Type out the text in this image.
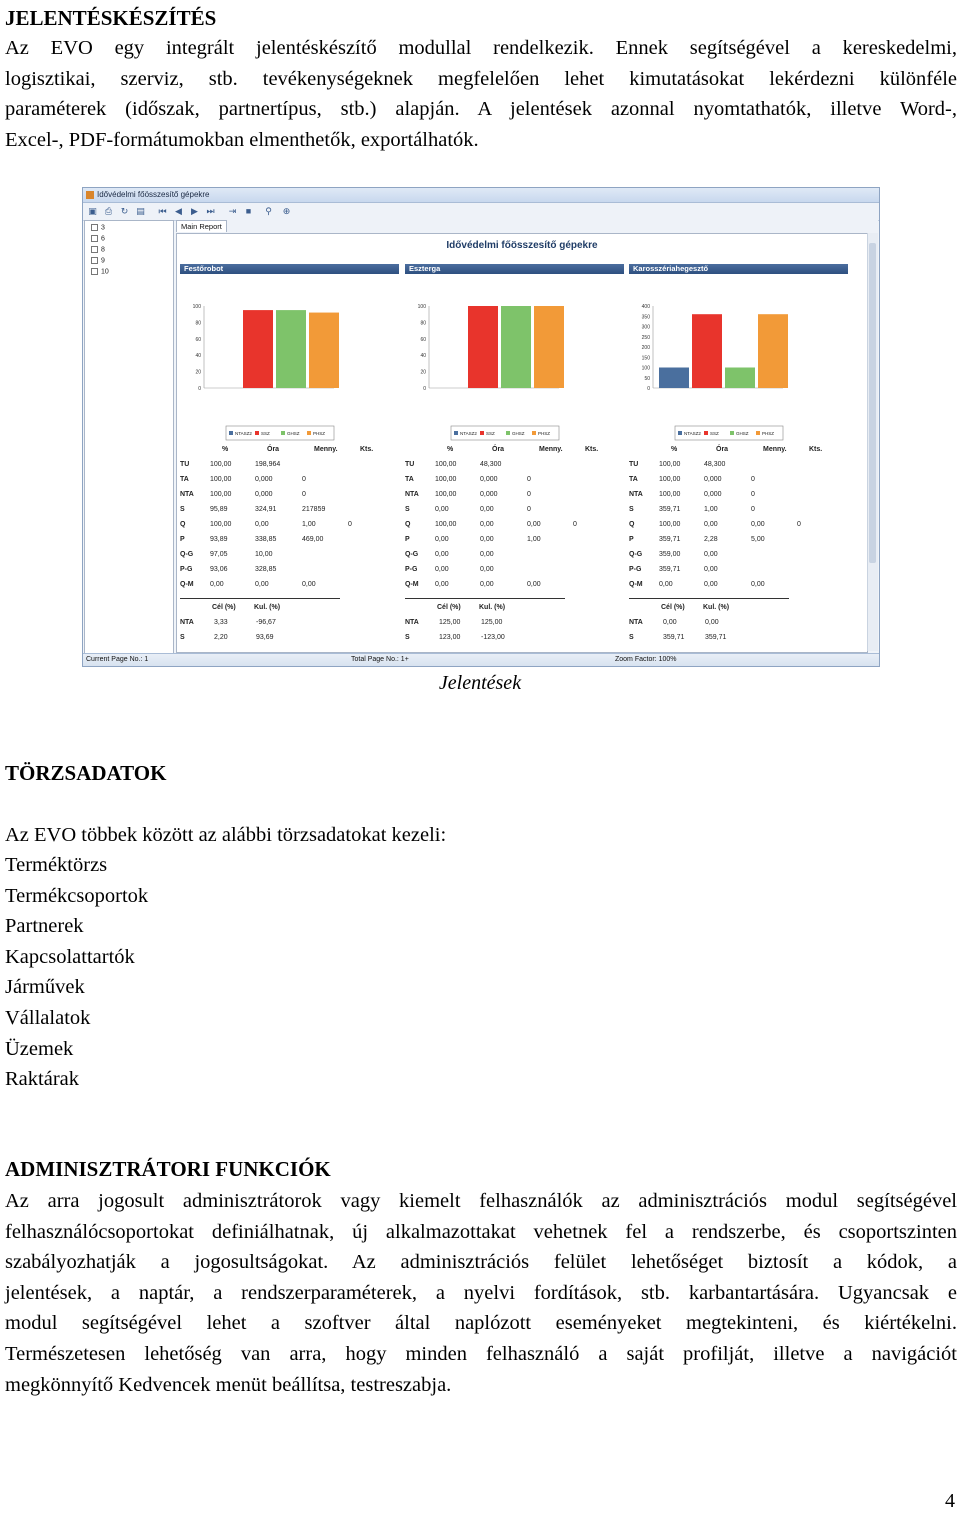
JELENTÉSKÉSZÍTÉS
Az EVO egy integrált jelentéskészítő modullal rendelkezik. Ennek segítségével a kereskedelmi,
logisztikai, szerviz, stb. tevékenységeknek megfelelően lehet kimutatásokat lekérdezni különféle
paraméterek (időszak, partnertípus, stb.) alapján. A jelentések azonnal nyomtathatók, illetve Word-,
Excel-, PDF-formátumokban elmenthetők, exportálhatók.
Idővédelmi főösszesítő gépekre
▣ ⎙ ↻ ▤ ⏮ ◀ ▶ ⏭ ⇥	■	⚲ ⊕
3
6
8
9
10
Main Report
Idővédelmi főösszesítő gépekre
Festőrobot
0
20
40
60
80
100
NTASZ2 SSZ	GHSZ	PHSZ
%	Óra	Menny.	Kts.
TU	100,00	198,964
TA	100,00	0,000	0
NTA 100,00	0,000	0
S	95,89	324,91	217859
Q	100,00	0,00	1,00	0
P	93,89	338,85	469,00
Q-G 97,05	10,00
P-G	93,06	328,85
Q-M 0,00	0,00	0,00
Cél (%)	Kul. (%)
NTA	3,33	-96,67
S	2,20	93,69
Eszterga
0
20
40
60
80
100
NTASZ2 SSZ	GHSZ	PHSZ
%	Óra	Menny.	Kts.
TU	100,00	48,300
TA	100,00	0,000	0
NTA 100,00	0,000	0
S	0,00	0,00	0
Q	100,00	0,00	0,00	0
P	0,00	0,00	1,00
Q-G 0,00	0,00
P-G	0,00	0,00
Q-M 0,00	0,00	0,00
Cél (%)	Kul. (%)
NTA	125,00	125,00
S	123,00	-123,00
Karosszériahegesztő
0
50
100
150
200
250
300
350
400
NTASZ2 SSZ	GHSZ	PHSZ
%	Óra	Menny.	Kts.
TU	100,00	48,300
TA	100,00	0,000	0
NTA 100,00	0,000	0
S	359,71	1,00	0
Q	100,00	0,00	0,00	0
P	359,71	2,28	5,00
Q-G 359,00	0,00
P-G	359,71	0,00
Q-M 0,00	0,00	0,00
Cél (%)	Kul. (%)
NTA	0,00	0,00
S	359,71	359,71
Current Page No.: 1	Total Page No.: 1+	Zoom Factor: 100%
Jelentések
TÖRZSADATOK
Az EVO többek között az alábbi törzsadatokat kezeli:
Terméktörzs
Termékcsoportok
Partnerek
Kapcsolattartók
Járművek
Vállalatok
Üzemek
Raktárak
ADMINISZTRÁTORI FUNKCIÓK
Az arra jogosult adminisztrátorok vagy kiemelt felhasználók az adminisztrációs modul segítségével
felhasználócsoportokat definiálhatnak, új alkalmazottakat vehetnek fel a rendszerbe, és csoportszinten
szabályozhatják a jogosultságokat. Az adminisztrációs felület lehetőséget biztosít a kódok, a
jelentések, a naptár, a rendszerparaméterek, a nyelvi fordítások, stb. karbantartására. Ugyancsak e
modul segítségével lehet a szoftver által naplózott eseményeket megtekinteni, és kiértékelni.
Természetesen lehetőség van arra, hogy minden felhasználó a saját profilját, illetve a navigációt
megkönnyítő Kedvencek menüt beállítsa, testreszabja.
4
